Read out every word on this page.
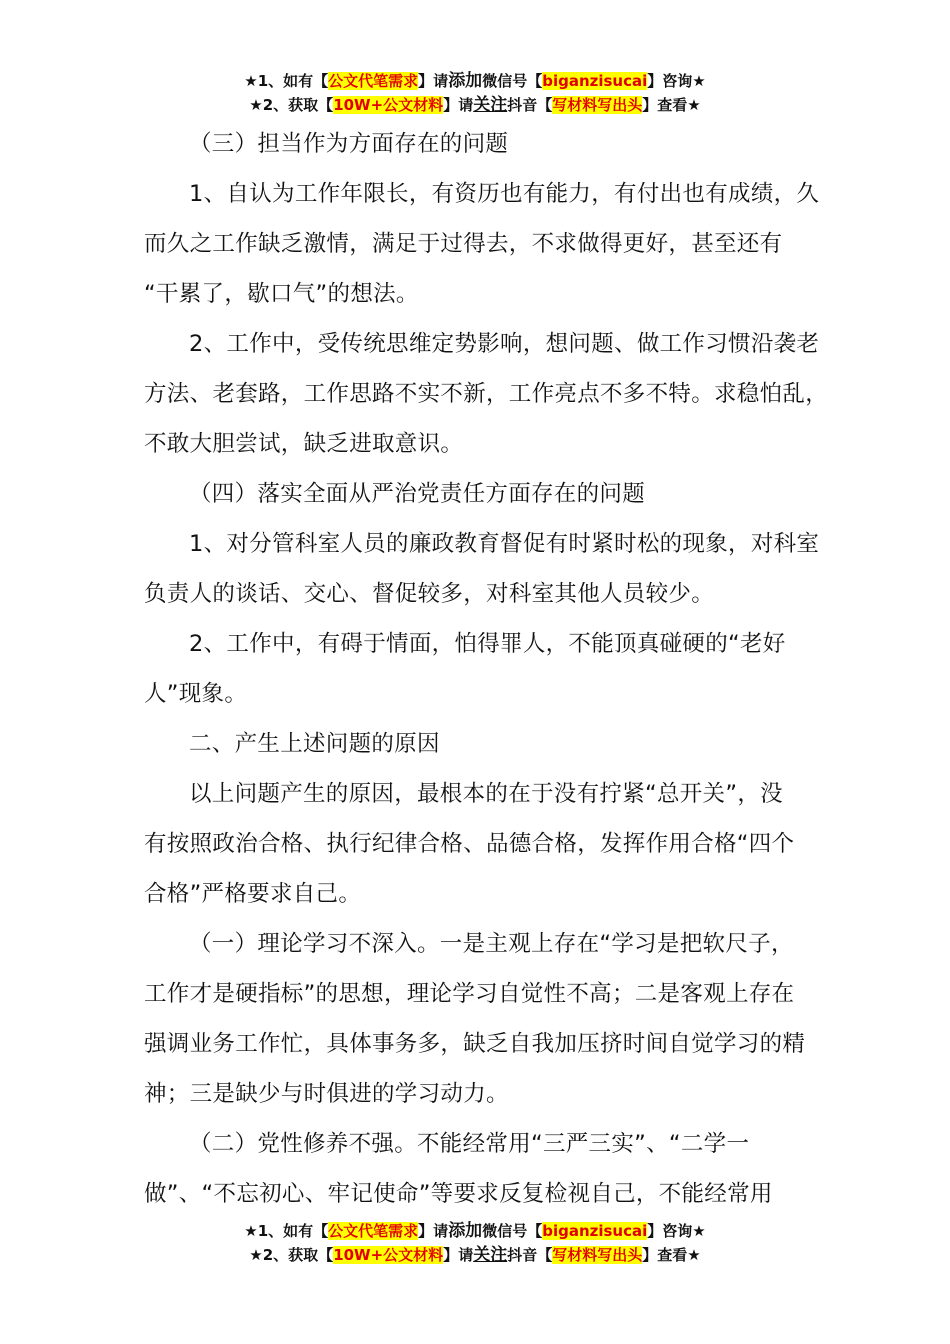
★1、如有【公文代笔需求】请添加微信号【biganzisucai】咨询★
★2、获取【10W+公文材料】请关注抖音【写材料写出头】查看★

（三）担当作为方面存在的问题

1、自认为工作年限长，有资历也有能力，有付出也有成绩，久

而久之工作缺乏激情，满足于过得去，不求做得更好，甚至还有

“干累了，歇口气”的想法。

2、工作中，受传统思维定势影响，想问题、做工作习惯沿袭老

方法、老套路，工作思路不实不新，工作亮点不多不特。求稳怕乱，

不敢大胆尝试，缺乏进取意识。

（四）落实全面从严治党责任方面存在的问题

1、对分管科室人员的廉政教育督促有时紧时松的现象，对科室

负责人的谈话、交心、督促较多，对科室其他人员较少。

2、工作中，有碍于情面，怕得罪人，不能顶真碰硬的“老好

人”现象。

二、产生上述问题的原因

以上问题产生的原因，最根本的在于没有拧紧“总开关”，没

有按照政治合格、执行纪律合格、品德合格，发挥作用合格“四个

合格”严格要求自己。

（一）理论学习不深入。一是主观上存在“学习是把软尺子，

工作才是硬指标”的思想，理论学习自觉性不高；二是客观上存在

强调业务工作忙，具体事务多，缺乏自我加压挤时间自觉学习的精

神；三是缺少与时俱进的学习动力。

（二）党性修养不强。不能经常用“三严三实”、“二学一

做”、“不忘初心、牢记使命”等要求反复检视自己，不能经常用

★1、如有【公文代笔需求】请添加微信号【biganzisucai】咨询★
★2、获取【10W+公文材料】请关注抖音【写材料写出头】查看★
